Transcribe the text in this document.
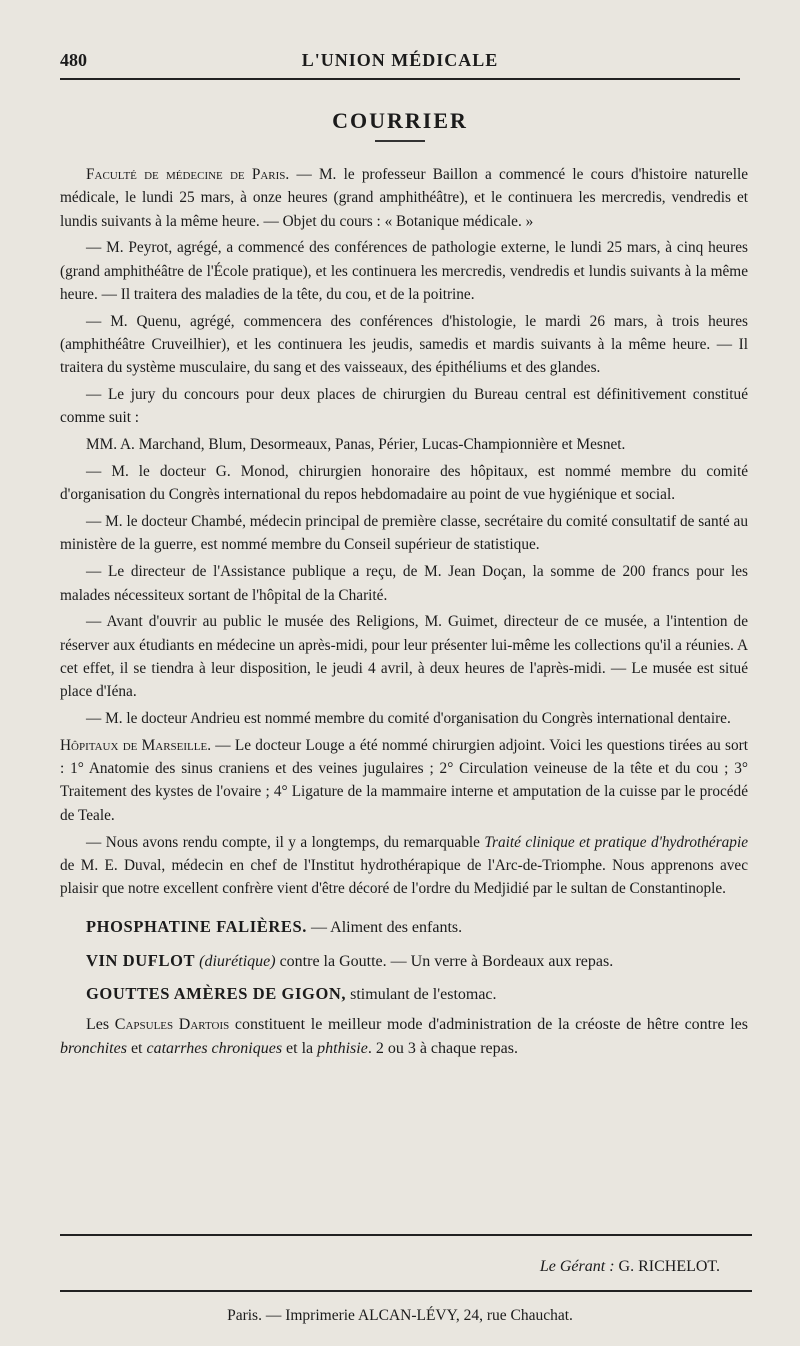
480	L'UNION MÉDICALE
COURRIER

Faculté de médecine de Paris. — M. le professeur Baillon a commencé le cours d'histoire naturelle médicale, le lundi 25 mars, à onze heures (grand amphithéâtre), et le continuera les mercredis, vendredis et lundis suivants à la même heure. — Objet du cours : « Botanique médicale. »

— M. Peyrot, agrégé, a commencé des conférences de pathologie externe, le lundi 25 mars, à cinq heures (grand amphithéâtre de l'École pratique), et les continuera les mercredis, vendredis et lundis suivants à la même heure. — Il traitera des maladies de la tête, du cou, et de la poitrine.

— M. Quenu, agrégé, commencera des conférences d'histologie, le mardi 26 mars, à trois heures (amphithéâtre Cruveilhier), et les continuera les jeudis, samedis et mardis suivants à la même heure. — Il traitera du système musculaire, du sang et des vaisseaux, des épithéliums et des glandes.

— Le jury du concours pour deux places de chirurgien du Bureau central est définitivement constitué comme suit :

MM. A. Marchand, Blum, Desormeaux, Panas, Périer, Lucas-Championnière et Mesnet.

— M. le docteur G. Monod, chirurgien honoraire des hôpitaux, est nommé membre du comité d'organisation du Congrès international du repos hebdomadaire au point de vue hygiénique et social.

— M. le docteur Chambé, médecin principal de première classe, secrétaire du comité consultatif de santé au ministère de la guerre, est nommé membre du Conseil supérieur de statistique.

— Le directeur de l'Assistance publique a reçu, de M. Jean Doçan, la somme de 200 francs pour les malades nécessiteux sortant de l'hôpital de la Charité.

— Avant d'ouvrir au public le musée des Religions, M. Guimet, directeur de ce musée, a l'intention de réserver aux étudiants en médecine un après-midi, pour leur présenter lui-même les collections qu'il a réunies. A cet effet, il se tiendra à leur disposition, le jeudi 4 avril, à deux heures de l'après-midi. — Le musée est situé place d'Iéna.

— M. le docteur Andrieu est nommé membre du comité d'organisation du Congrès international dentaire.

Hôpitaux de Marseille. — Le docteur Louge a été nommé chirurgien adjoint. Voici les questions tirées au sort : 1° Anatomie des sinus craniens et des veines jugulaires ; 2° Circulation veineuse de la tête et du cou ; 3° Traitement des kystes de l'ovaire ; 4° Ligature de la mammaire interne et amputation de la cuisse par le procédé de Teale.

— Nous avons rendu compte, il y a longtemps, du remarquable Traité clinique et pratique d'hydrothérapie de M. E. Duval, médecin en chef de l'Institut hydrothérapique de l'Arc-de-Triomphe. Nous apprenons avec plaisir que notre excellent confrère vient d'être décoré de l'ordre du Medjidié par le sultan de Constantinople.

PHOSPHATINE FALIÈRES. — Aliment des enfants.

VIN DUFLOT (diurétique) contre la Goutte. — Un verre à Bordeaux aux repas.

GOUTTES AMÈRES DE GIGON, stimulant de l'estomac.

Les Capsules Dartois constituent le meilleur mode d'administration de la créoste de hêtre contre les bronchites et catarrhes chroniques et la phthisie. 2 ou 3 à chaque repas.

Le Gérant : G. RICHELOT.
Paris. — Imprimerie ALCAN-LÉVY, 24, rue Chauchat.
